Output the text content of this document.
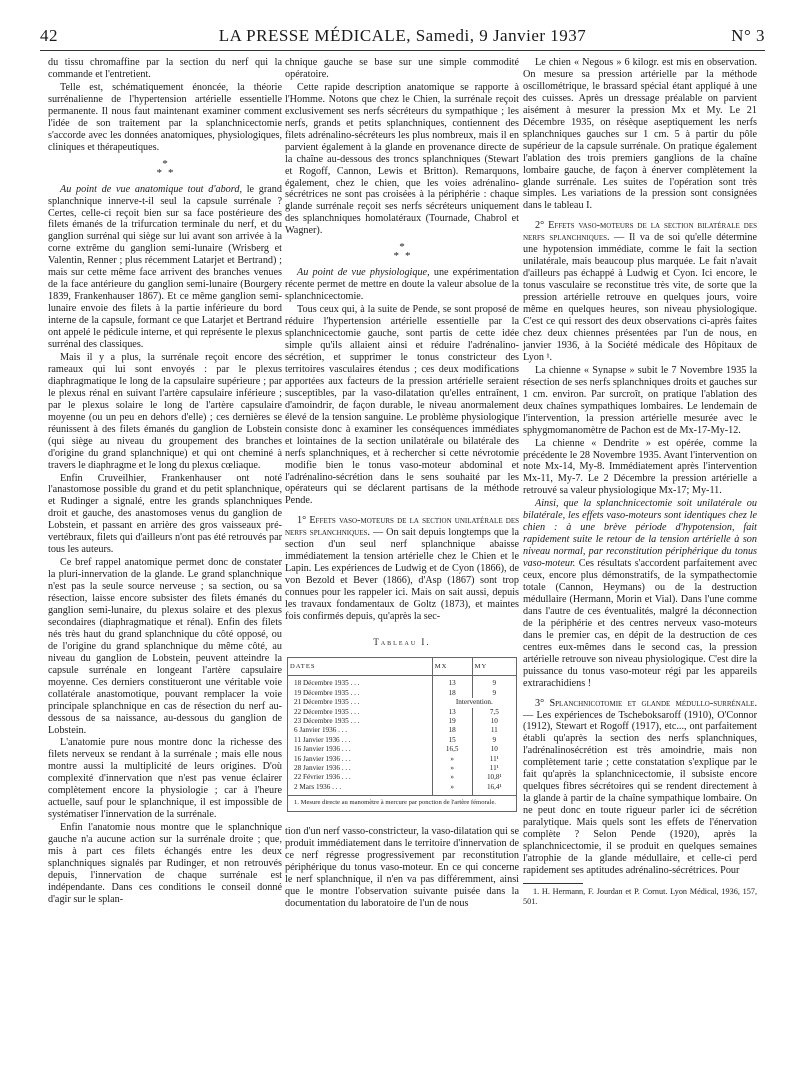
42	LA PRESSE MÉDICALE, Samedi, 9 Janvier 1937	N° 3

du tissu chromaffine par la section du nerf qui la commande et l'entretient.

Telle est, schématiquement énoncée, la théorie surrénalienne de l'hypertension artérielle essentielle permanente. Il nous faut maintenant examiner comment l'idée de son traitement par la splanchnicectomie s'accorde avec les données anatomiques, physiologiques, cliniques et thérapeutiques.

*
**

Au point de vue anatomique tout d'abord, le grand splanchnique innerve-t-il seul la capsule surrénale ? Certes, celle-ci reçoit bien sur sa face postérieure des filets émanés de la trifurcation terminale du nerf, et du ganglion surrénal qui siège sur lui avant son arrivée à la corne extrême du ganglion semi-lunaire (Wrisberg et Valentin, Renner ; plus récemment Latarjet et Bertrand) ; mais sur cette même face arrivent des branches venues de la face antérieure du ganglion semi-lunaire (Bourgery 1839, Frankenhauser 1867). Et ce même ganglion semi-lunaire envoie des filets à la partie inférieure du bord interne de la capsule, formant ce que Latarjet et Bertrand ont appelé le pédicule interne, et qui représente le plexus surrénal des classiques.

Mais il y a plus, la surrénale reçoit encore des rameaux qui lui sont envoyés : par le plexus diaphragmatique le long de la capsulaire supérieure ; par le plexus rénal en suivant l'artère capsulaire inférieure ; par le plexus solaire le long de l'artère capsulaire moyenne (ou un peu en dehors d'elle) ; ces dernières se réunissent à des filets émanés du ganglion de Lobstein (qui siège au niveau du groupement des branches d'origine du grand splanchnique) et qui ont cheminé à travers le diaphragme et le long du plexus cœliaque.

Enfin Cruveilhier, Frankenhauser ont noté l'anastomose possible du grand et du petit splanchnique, et Rudinger a signalé, entre les grands splanchniques droit et gauche, des anastomoses venus du ganglion de Lobstein, et passant en arrière des gros vaisseaux pré-vertébraux, filets qui d'ailleurs n'ont pas été retrouvés par tous les auteurs.

Ce bref rappel anatomique permet donc de constater la pluri-innervation de la glande. Le grand splanchnique n'est pas la seule source nerveuse ; sa section, ou sa résection, laisse encore subsister des filets émanés du ganglion semi-lunaire, du plexus solaire et des plexus secondaires (diaphragmatique et rénal). Enfin des filets nés très haut du grand splanchnique du côté opposé, ou de l'origine du grand splanchnique du même côté, au niveau du ganglion de Lobstein, peuvent atteindre la capsule surrénale en longeant l'artère capsulaire moyenne. Ces derniers constitueront une véritable voie collatérale anastomotique, pouvant remplacer la voie principale splanchnique en cas de résection du nerf au-dessous de sa naissance, au-dessous du ganglion de Lobstein.

L'anatomie pure nous montre donc la richesse des filets nerveux se rendant à la surrénale ; mais elle nous montre aussi la multiplicité de leurs origines. D'où complexité d'innervation que n'est pas venue éclairer complètement encore la physiologie ; car à l'heure actuelle, sauf pour le splanchnique, il est impossible de systématiser l'innervation de la surrénale.

Enfin l'anatomie nous montre que le splanchnique gauche n'a aucune action sur la surrénale droite ; que, mis à part ces filets échangés entre les deux splanchniques signalés par Rudinger, et non retrouvés depuis, l'innervation de chaque surrénale est indépendante. Dans ces conditions le conseil donné d'agir sur le splan-

chnique gauche se base sur une simple commodité opératoire.

Cette rapide description anatomique se rapporte à l'Homme. Notons que chez le Chien, la surrénale reçoit exclusivement ses nerfs sécréteurs du sympathique ; les nerfs, grands et petits splanchniques, contiennent des filets adrénalino-sécréteurs les plus nombreux, mais il en parvient également à la glande en provenance directe de la chaîne au-dessous des troncs splanchniques (Stewart et Rogoff, Cannon, Lewis et Britton). Remarquons, également, chez le chien, que les voies adrénalino-sécrétrices ne sont pas croisées à la périphérie : chaque glande surrénale reçoit ses nerfs sécréteurs uniquement des splanchniques homolatéraux (Tournade, Chabrol et Wagner).

*
**

Au point de vue physiologique, une expérimentation récente permet de mettre en doute la valeur absolue de la splanchnicectomie.

Tous ceux qui, à la suite de Pende, se sont proposé de réduire l'hypertension artérielle essentielle par la splanchnicectomie gauche, sont partis de cette idée simple qu'ils allaient ainsi et réduire l'adrénalino-sécrétion, et supprimer le tonus constricteur des territoires vasculaires étendus ; ces deux modifications apportées aux facteurs de la pression artérielle seraient susceptibles, par la vaso-dilatation qu'elles entraînent, d'amoindrir, de façon durable, le niveau anormalement élevé de la tension sanguine. Le problème physiologique consiste donc à examiner les conséquences immédiates et lointaines de la section unilatérale ou bilatérale des nerfs splanchniques, et à rechercher si cette névrotomie modifie bien le tonus vaso-moteur abdominal et l'adrénalino-sécrétion dans le sens souhaité par les opérateurs qui se déclarent partisans de la méthode Pende.

1° Effets vaso-moteurs de la section unilatérale des nerfs splanchniques. — On sait depuis longtemps que la section d'un seul nerf splanchnique abaisse immédiatement la tension artérielle chez le Chien et le Lapin. Les expériences de Ludwig et de Cyon (1866), de von Bezold et Bever (1866), d'Asp (1867) sont trop connues pour les rappeler ici. Mais on sait aussi, depuis les travaux fondamentaux de Goltz (1873), et maintes fois confirmés depuis, qu'après la sec-

Tableau I.
DATES	MX	MY
18 Décembre 1935 . . .	13	9
19 Décembre 1935 . . .	18	9
21 Décembre 1935 . . .	Intervention.	
22 Décembre 1935 . . .	13	7,5
23 Décembre 1935 . . .	19	10
6 Janvier 1936 . . .	18	11
11 Janvier 1936 . . .	15	9
16 Janvier 1936 . . .	16,5	10
16 Janvier 1936 . . .	»	11¹
28 Janvier 1936 . . .	»	11¹
22 Février 1936 . . .	»	10,8¹
2 Mars 1936 . . .	»	16,4¹
1. Mesure directe au manomètre à mercure par ponction de l'artère fémorale.		

tion d'un nerf vasso-constricteur, la vaso-dilatation qui se produit immédiatement dans le territoire d'innervation de ce nerf régresse progressivement par reconstitution périphérique du tonus vaso-moteur. En ce qui concerne le nerf splanchnique, il n'en va pas différemment, ainsi que le montre l'observation suivante puisée dans la documentation du laboratoire de l'un de nous

Le chien « Negous » 6 kilogr. est mis en observation. On mesure sa pression artérielle par la méthode oscillométrique, le brassard spécial étant appliqué à une des cuisses. Après un dressage préalable on parvient aisément à mesurer la pression Mx et My. Le 21 Décembre 1935, on résèque aseptiquement les nerfs splanchniques gauches sur 1 cm. 5 à partir du pôle supérieur de la capsule surrénale. On pratique également l'ablation des trois premiers ganglions de la chaîne lombaire gauche, de façon à énerver complètement la glande surrénale. Les suites de l'opération sont très simples. Les variations de la pression sont consignées dans le tableau I.

2° Effets vaso-moteurs de la section bilatérale des nerfs splanchniques. — Il va de soi qu'elle détermine une hypotension immédiate, comme le fait la section unilatérale, mais beaucoup plus marquée. Le fait n'avait d'ailleurs pas échappé à Ludwig et Cyon. Ici encore, le tonus vasculaire se reconstitue très vite, de sorte que la pression artérielle retrouve en quelques jours, voire même en quelques heures, son niveau physiologique. C'est ce qui ressort des deux observations ci-après faites chez deux chiennes présentées par l'un de nous, en janvier 1936, à la Société médicale des Hôpitaux de Lyon ¹.

La chienne « Synapse » subit le 7 Novembre 1935 la résection de ses nerfs splanchniques droits et gauches sur 1 cm. environ. Par surcroît, on pratique l'ablation des deux chaînes sympathiques lombaires. Le lendemain de l'intervention, la pression artérielle mesurée avec le sphygmomanomètre de Pachon est de Mx-17-My-12.

La chienne « Dendrite » est opérée, comme la précédente le 28 Novembre 1935. Avant l'intervention on note Mx-14, My-8. Immédiatement après l'intervention Mx-11, My-7. Le 2 Décembre la pression artérielle a retrouvé sa valeur physiologique Mx-17; My-11.

Ainsi, que la splanchnicectomie soit unilatérale ou bilatérale, les effets vaso-moteurs sont identiques chez le chien : à une brève période d'hypotension, fait rapidement suite le retour de la tension artérielle à son niveau normal, par reconstitution périphérique du tonus vaso-moteur. Ces résultats s'accordent parfaitement avec ceux, encore plus démonstratifs, de la sympathectomie totale (Cannon, Heymans) ou de la destruction médullaire (Hermann, Morin et Vial). Dans l'une comme dans l'autre de ces éventualités, malgré la déconnection de la périphérie et des centres nerveux vaso-moteurs dans le premier cas, en dépit de la destruction de ces centres eux-mêmes dans le second cas, la pression artérielle retrouve son niveau physiologique. C'est dire la puissance du tonus vaso-moteur régi par les appareils extrarachidiens !

3° Splanchnicotomie et glande médullo-surrénale. — Les expériences de Tscheboksaroff (1910), O'Connor (1912), Stewart et Rogoff (1917), etc..., ont parfaitement établi qu'après la section des nerfs splanchniques, l'adrénalinosécrétion est très amoindrie, mais non complètement tarie ; cette constatation s'explique par le fait qu'après la splanchnicectomie, il subsiste encore quelques fibres sécrétoires qui se rendent directement à la glande à partir de la chaîne sympathique lombaire. On ne peut donc en toute rigueur parler ici de sécrétion paralytique. Mais quels sont les effets de l'énervation complète ? Selon Pende (1920), après la splanchnicectomie, il se produit en quelques semaines l'atrophie de la glande médullaire, et celle-ci perd rapidement ses aptitudes adrénalino-sécrétrices. Pour

1. H. Hermann, F. Jourdan et P. Cornut. Lyon Médical, 1936, 157, 501.
